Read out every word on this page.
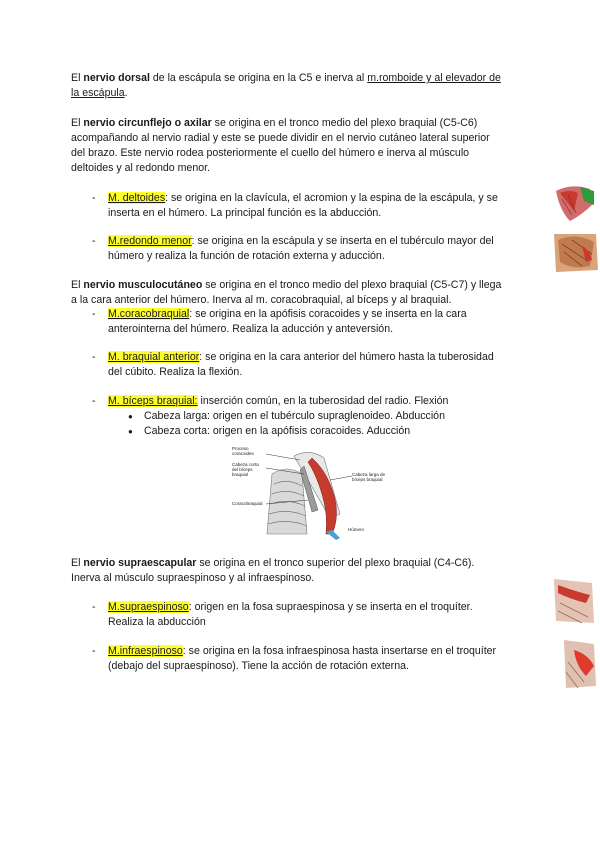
El nervio dorsal de la escápula se origina en la C5 e inerva al m.romboide y al elevador de
la escápula.
El nervio circunflejo o axilar se origina en el tronco medio del plexo braquial (C5-C6)
acompañando al nervio radial y este se puede dividir en el nervio cutáneo lateral superior
del brazo. Este nervio rodea posteriormente el cuello del húmero e inerva al músculo
deltoides y al redondo menor.
- M. deltoides: se origina en la clavícula, el acromion y la espina de la escápula, y se
inserta en el húmero. La principal función es la abducción.
- M.redondo menor: se origina en la escápula y se inserta en el tubérculo mayor del
húmero y realiza la función de rotación externa y aducción.
El nervio musculocutáneo se origina en el tronco medio del plexo braquial (C5-C7) y llega
a la cara anterior del húmero. Inerva al m. coracobraquial, al bíceps y al braquial.
- M.coracobraquial: se origina en la apófisis coracoides y se inserta en la cara
anterointerna del húmero. Realiza la aducción y anteversión.
- M. braquial anterior: se origina en la cara anterior del húmero hasta la tuberosidad
del cúbito. Realiza la flexión.
- M. bíceps braquial: inserción común, en la tuberosidad del radio. Flexión
● Cabeza larga: origen en el tubérculo supraglenoideo. Abducción
● Cabeza corta: origen en la apófisis coracoides. Aducción
Proceso
coracoides
Cabeza corta
del bíceps
braquial
Coracobraquial
Cabeza larga de
bíceps braquial
Húmero
El nervio supraescapular se origina en el tronco superior del plexo braquial (C4-C6).
Inerva al músculo supraespinoso y al infraespinoso.
- M.supraespinoso: origen en la fosa supraespinosa y se inserta en el troquíter.
Realiza la abducción
- M.infraespinoso: se origina en la fosa infraespinosa hasta insertarse en el troquíter
(debajo del supraespinoso). Tiene la acción de rotación externa.
